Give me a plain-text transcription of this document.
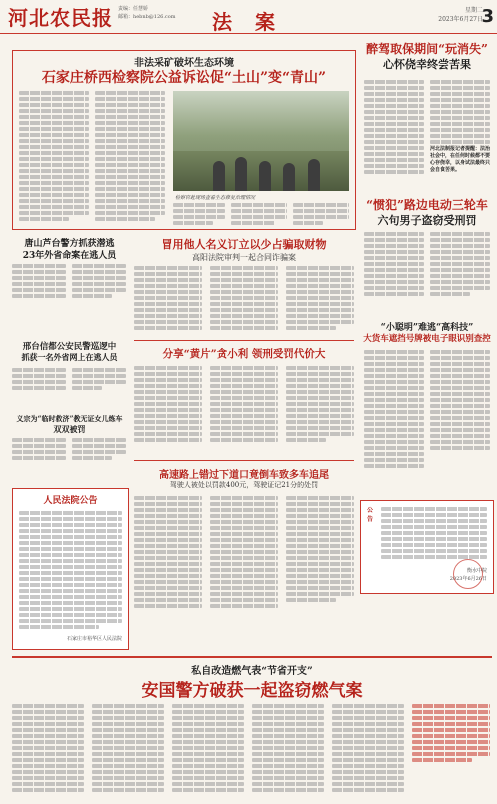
河北农民报 责编：任慧娇
邮箱：hebnb@126.com 法 案	星期二
2023年6月27日
3
非法采矿破坏生态环境
石家庄桥西检察院公益诉讼促“土山”变“青山”
检察官赴现场查看生态修复治理情况
醉驾取保期间“玩消失”
心怀侥幸终尝苦果
河北法制报记者提醒：法治社会中，在任何时候都不要心存侥幸，以身试法最终只会自食苦果。
“惯犯”路边电动三轮车
六句男子盗窃受刑罚
“小聪明”难逃“高科技”
大货车遮挡号牌被电子眼识别查控
公告
衡水中院
2023年6月26日
唐山芦台警方抓获潜逃
23年外省命案在逃人员
邢台信都公安民警巡逻中
抓获一名外省网上在逃人员
义宗为“临时救济”教无证女儿炼车
双双被罚
人民法院公告
石家庄市裕华区人民法院
冒用他人名义订立以少占骗取财物
高阳法院审判一起合同诈骗案
分享“黄片”贪小利 领刑受罚代价大
高速路上错过下道口竟倒车致多车追尾
驾驶人被处以罚款400元，驾驶证记21分的处罚
私自改造燃气表“节省开支”
安国警方破获一起盗窃燃气案
